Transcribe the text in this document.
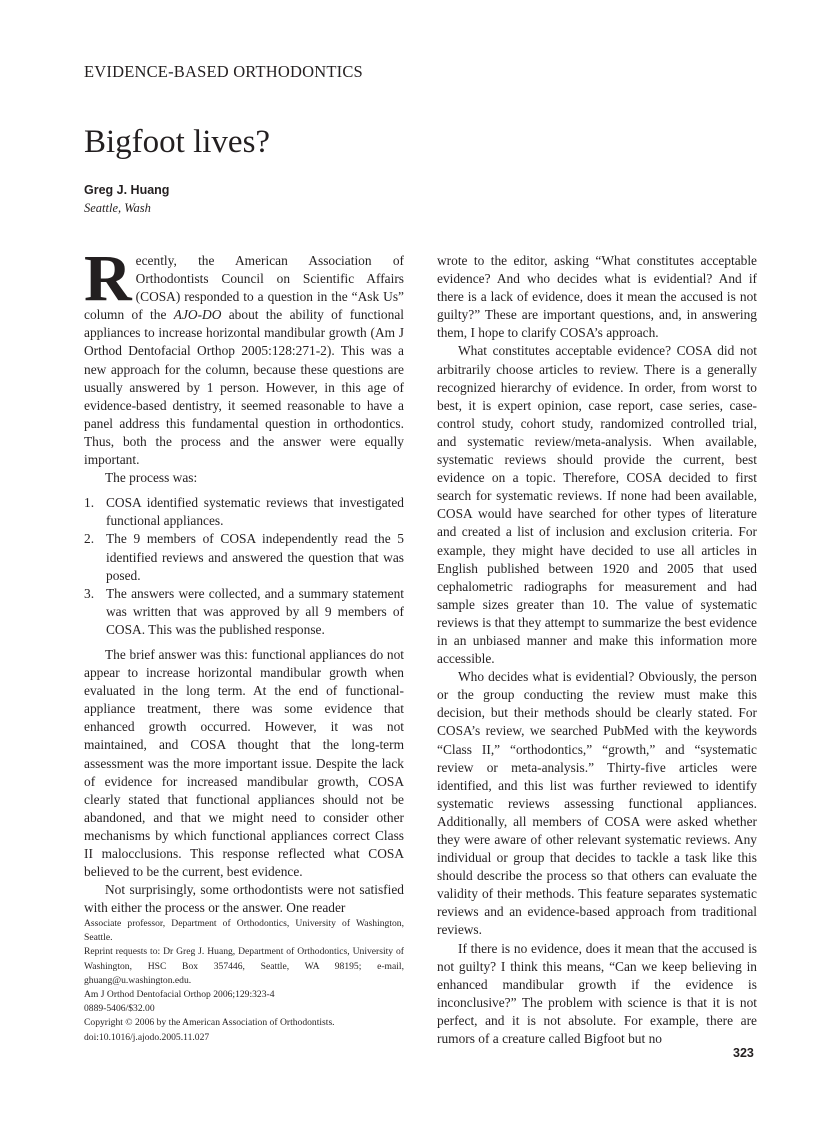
EVIDENCE-BASED ORTHODONTICS
Bigfoot lives?
Greg J. Huang
Seattle, Wash

Recently, the American Association of Orthodontists Council on Scientific Affairs (COSA) responded to a question in the “Ask Us” column of the AJO-DO about the ability of functional appliances to increase horizontal mandibular growth (Am J Orthod Dentofacial Orthop 2005:128:271-2). This was a new approach for the column, because these questions are usually answered by 1 person. However, in this age of evidence-based dentistry, it seemed reasonable to have a panel address this fundamental question in orthodontics. Thus, both the process and the answer were equally important.

The process was:

1. COSA identified systematic reviews that investigated functional appliances.
2. The 9 members of COSA independently read the 5 identified reviews and answered the question that was posed.
3. The answers were collected, and a summary statement was written that was approved by all 9 members of COSA. This was the published response.

The brief answer was this: functional appliances do not appear to increase horizontal mandibular growth when evaluated in the long term. At the end of functional-appliance treatment, there was some evidence that enhanced growth occurred. However, it was not maintained, and COSA thought that the long-term assessment was the more important issue. Despite the lack of evidence for increased mandibular growth, COSA clearly stated that functional appliances should not be abandoned, and that we might need to consider other mechanisms by which functional appliances correct Class II malocclusions. This response reflected what COSA believed to be the current, best evidence.

Not surprisingly, some orthodontists were not satisfied with either the process or the answer. One reader

Associate professor, Department of Orthodontics, University of Washington, Seattle.

Reprint requests to: Dr Greg J. Huang, Department of Orthodontics, University of Washington, HSC Box 357446, Seattle, WA 98195; e-mail, ghuang@u.washington.edu.

Am J Orthod Dentofacial Orthop 2006;129:323-4

0889-5406/$32.00

Copyright © 2006 by the American Association of Orthodontists.

doi:10.1016/j.ajodo.2005.11.027

wrote to the editor, asking “What constitutes acceptable evidence? And who decides what is evidential? And if there is a lack of evidence, does it mean the accused is not guilty?” These are important questions, and, in answering them, I hope to clarify COSA’s approach.

What constitutes acceptable evidence? COSA did not arbitrarily choose articles to review. There is a generally recognized hierarchy of evidence. In order, from worst to best, it is expert opinion, case report, case series, case-control study, cohort study, randomized controlled trial, and systematic review/meta-analysis. When available, systematic reviews should provide the current, best evidence on a topic. Therefore, COSA decided to first search for systematic reviews. If none had been available, COSA would have searched for other types of literature and created a list of inclusion and exclusion criteria. For example, they might have decided to use all articles in English published between 1920 and 2005 that used cephalometric radiographs for measurement and had sample sizes greater than 10. The value of systematic reviews is that they attempt to summarize the best evidence in an unbiased manner and make this information more accessible.

Who decides what is evidential? Obviously, the person or the group conducting the review must make this decision, but their methods should be clearly stated. For COSA’s review, we searched PubMed with the keywords “Class II,” “orthodontics,” “growth,” and “systematic review or meta-analysis.” Thirty-five articles were identified, and this list was further reviewed to identify systematic reviews assessing functional appliances. Additionally, all members of COSA were asked whether they were aware of other relevant systematic reviews. Any individual or group that decides to tackle a task like this should describe the process so that others can evaluate the validity of their methods. This feature separates systematic reviews and an evidence-based approach from traditional reviews.

If there is no evidence, does it mean that the accused is not guilty? I think this means, “Can we keep believing in enhanced mandibular growth if the evidence is inconclusive?” The problem with science is that it is not perfect, and it is not absolute. For example, there are rumors of a creature called Bigfoot but no

323
